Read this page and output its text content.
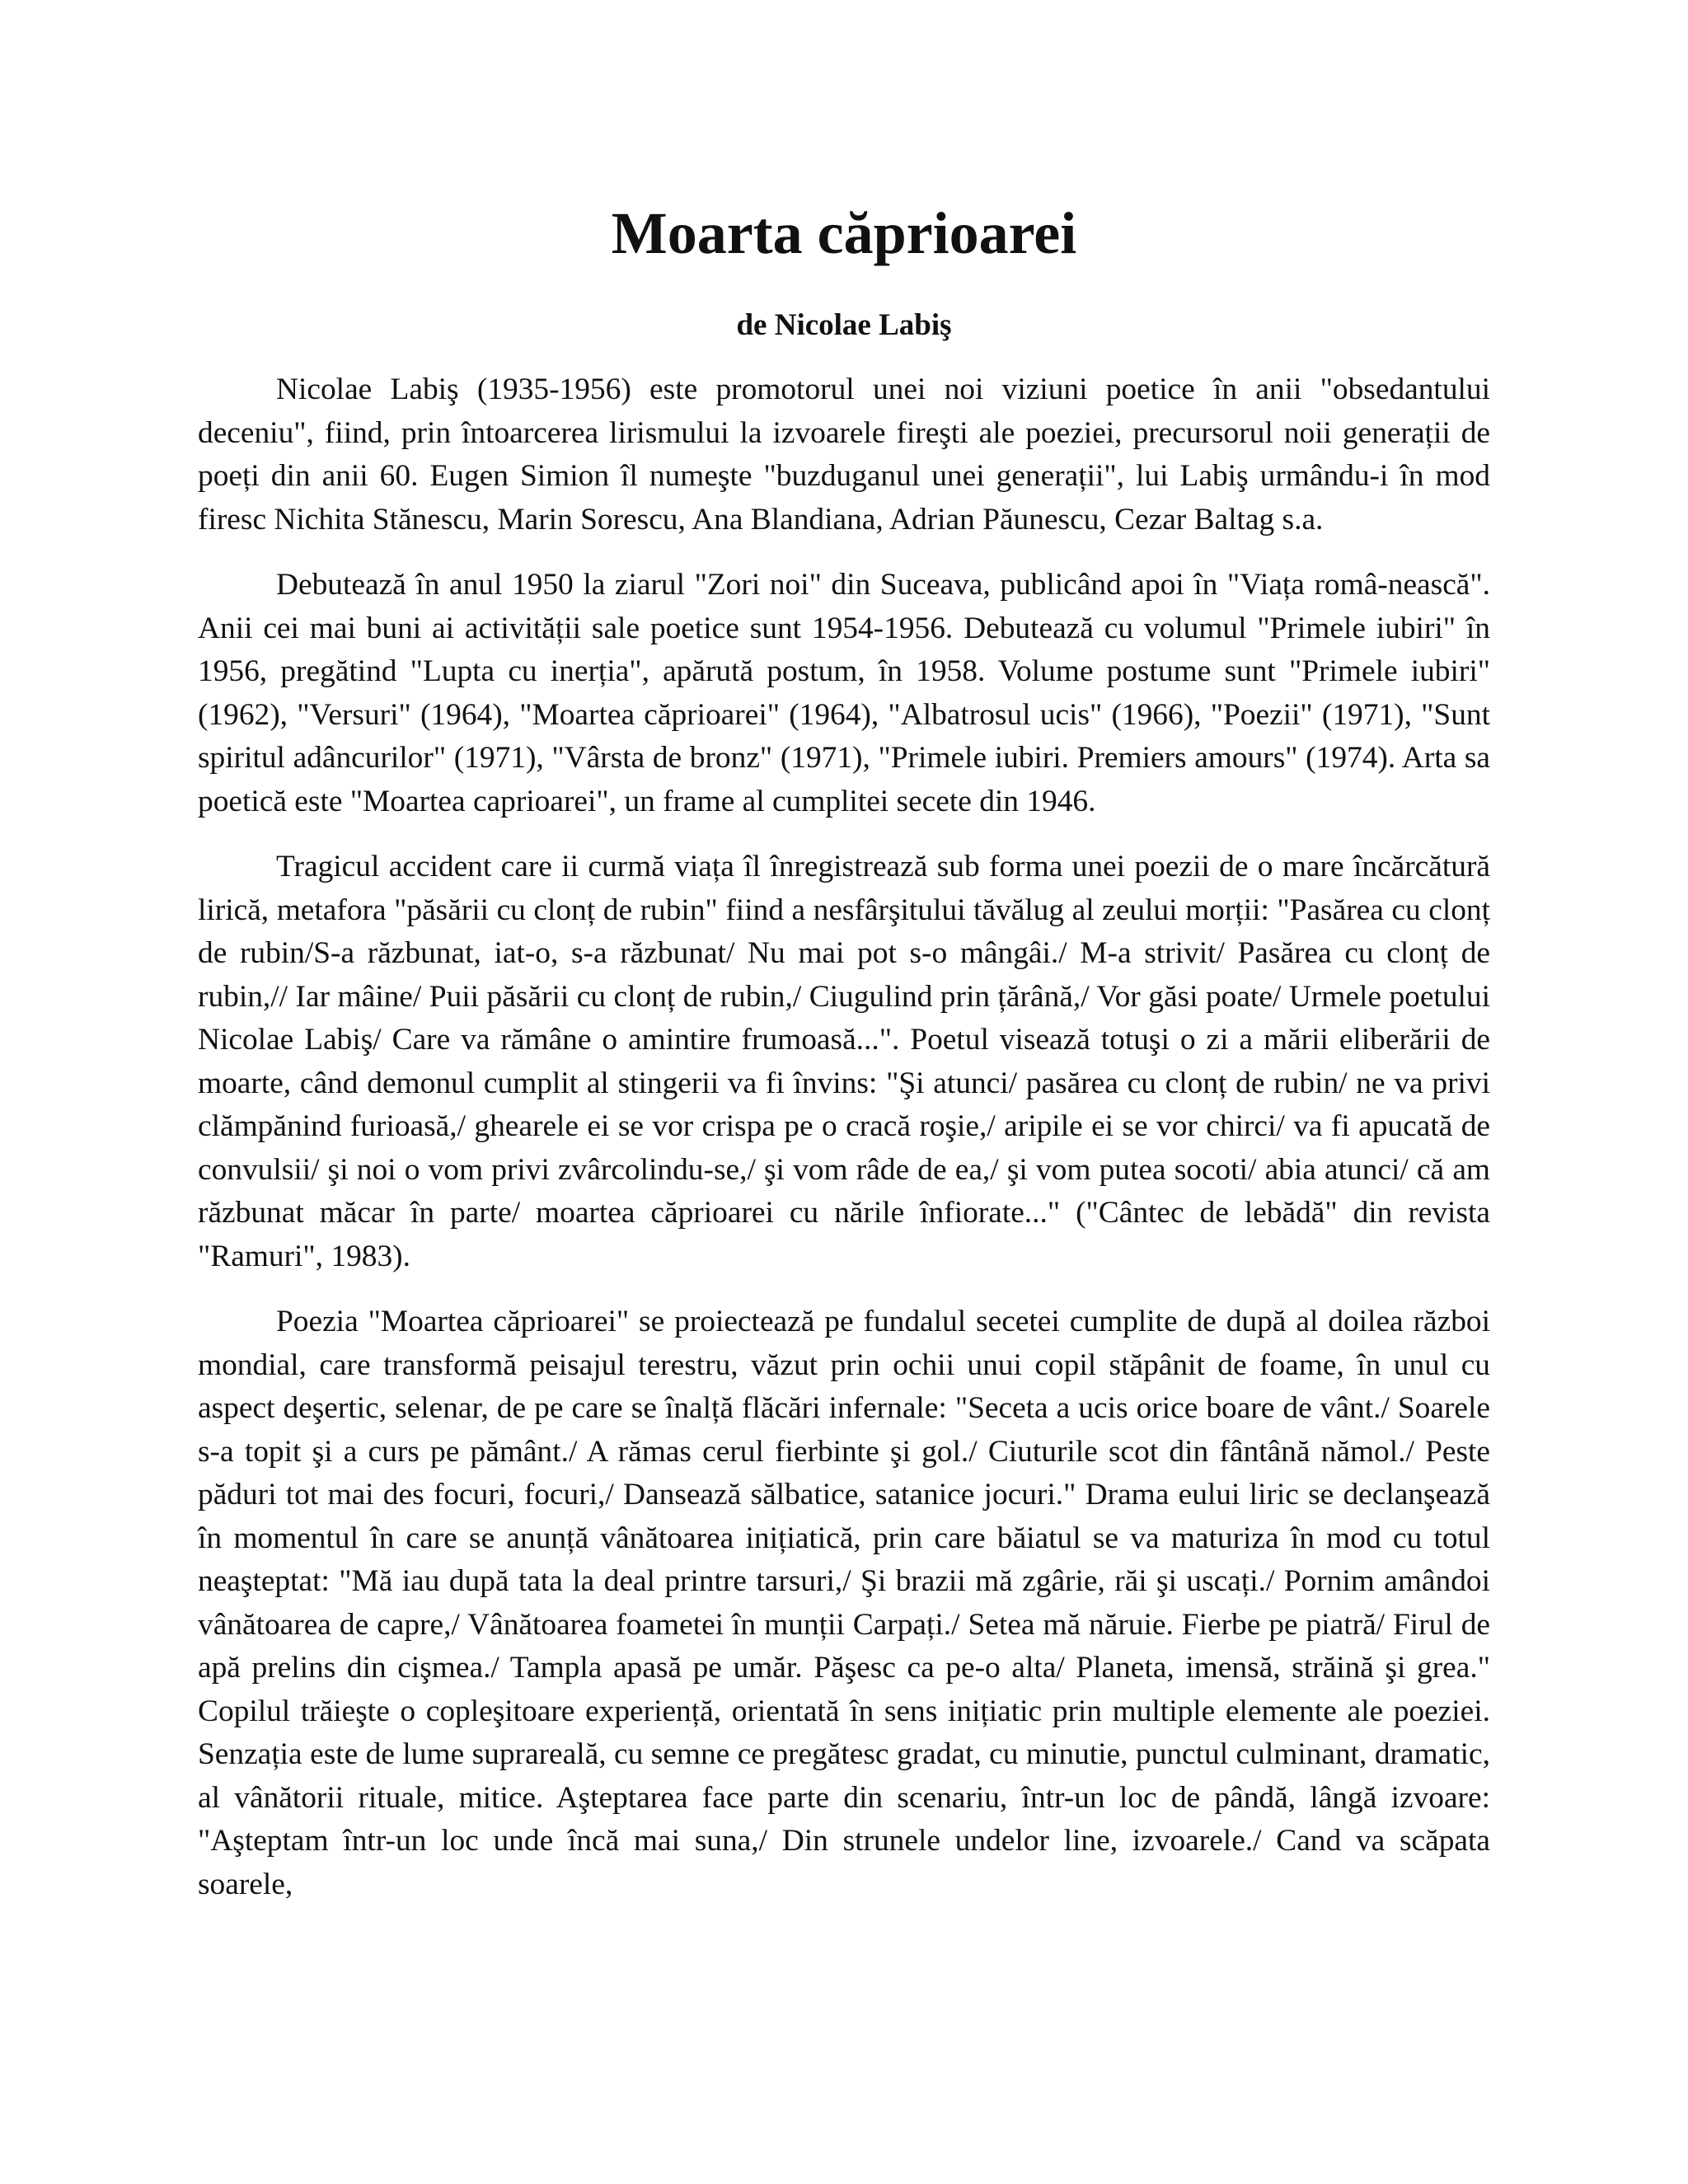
Moarta căprioarei
de Nicolae Labiş

Nicolae Labiş (1935-1956) este promotorul unei noi viziuni poetice în anii "obsedantului deceniu", fiind, prin întoarcerea lirismului la izvoarele fireşti ale poeziei, precursorul noii generații de poeți din anii 60. Eugen Simion îl numeşte "buzduganul unei generații", lui Labiş urmându-i în mod firesc Nichita Stănescu, Marin Sorescu, Ana Blandiana, Adrian Păunescu, Cezar Baltag s.a.

Debutează în anul 1950 la ziarul "Zori noi" din Suceava, publicând apoi în "Viața româ-nească". Anii cei mai buni ai activității sale poetice sunt 1954-1956. Debutează cu volumul "Primele iubiri" în 1956, pregătind "Lupta cu inerția", apărută postum, în 1958. Volume postume sunt "Primele iubiri" (1962), "Versuri" (1964), "Moartea căprioarei" (1964), "Albatrosul ucis" (1966), "Poezii" (1971), "Sunt spiritul adâncurilor" (1971), "Vârsta de bronz" (1971), "Primele iubiri. Premiers amours" (1974). Arta sa poetică este "Moartea caprioarei", un frame al cumplitei secete din 1946.

Tragicul accident care ii curmă viața îl înregistrează sub forma unei poezii de o mare încărcătură lirică, metafora "păsării cu clonț de rubin" fiind a nesfârşitului tăvălug al zeului morții: "Pasărea cu clonț de rubin/S-a răzbunat, iat-o, s-a răzbunat/ Nu mai pot s-o mângâi./ M-a strivit/ Pasărea cu clonț de rubin,// Iar mâine/ Puii păsării cu clonț de rubin,/ Ciugulind prin țărână,/ Vor găsi poate/ Urmele poetului Nicolae Labiş/ Care va rămâne o amintire frumoasă...". Poetul visează totuşi o zi a mării eliberării de moarte, când demonul cumplit al stingerii va fi învins: "Şi atunci/ pasărea cu clonț de rubin/ ne va privi clămpănind furioasă,/ ghearele ei se vor crispa pe o cracă roşie,/ aripile ei se vor chirci/ va fi apucată de convulsii/ şi noi o vom privi zvârcolindu-se,/ şi vom râde de ea,/ şi vom putea socoti/ abia atunci/ că am răzbunat măcar în parte/ moartea căprioarei cu nările înfiorate..." ("Cântec de lebădă" din revista "Ramuri", 1983).

Poezia "Moartea căprioarei" se proiectează pe fundalul secetei cumplite de după al doilea război mondial, care transformă peisajul terestru, văzut prin ochii unui copil stăpânit de foame, în unul cu aspect deşertic, selenar, de pe care se înalță flăcări infernale: "Seceta a ucis orice boare de vânt./ Soarele s-a topit şi a curs pe pământ./ A rămas cerul fierbinte şi gol./ Ciuturile scot din fântână nămol./ Peste păduri tot mai des focuri, focuri,/ Dansează sălbatice, satanice jocuri." Drama eului liric se declanşează în momentul în care se anunță vânătoarea inițiatică, prin care băiatul se va maturiza în mod cu totul neaşteptat: "Mă iau după tata la deal printre tarsuri,/ Şi brazii mă zgârie, răi şi uscați./ Pornim amândoi vânătoarea de capre,/ Vânătoarea foametei în munții Carpați./ Setea mă năruie. Fierbe pe piatră/ Firul de apă prelins din cişmea./ Tampla apasă pe umăr. Păşesc ca pe-o alta/ Planeta, imensă, străină şi grea." Copilul trăieşte o copleşitoare experiență, orientată în sens inițiatic prin multiple elemente ale poeziei. Senzația este de lume suprareală, cu semne ce pregătesc gradat, cu minutie, punctul culminant, dramatic, al vânătorii rituale, mitice. Aşteptarea face parte din scenariu, într-un loc de pândă, lângă izvoare: "Aşteptam într-un loc unde încă mai suna,/ Din strunele undelor line, izvoarele./ Cand va scăpata soarele,
